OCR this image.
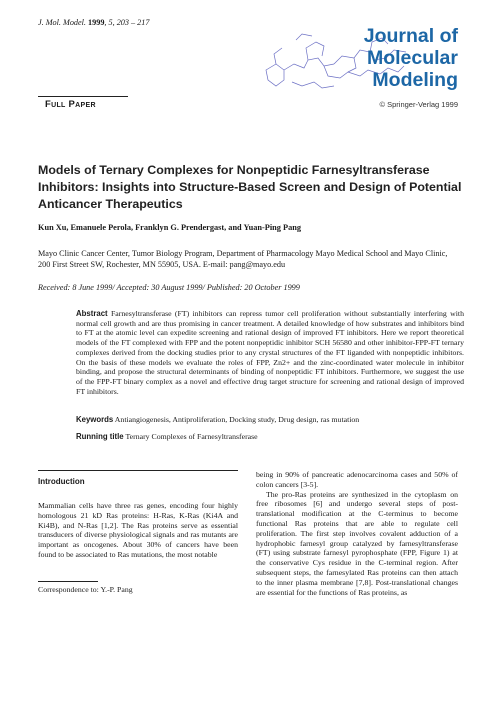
J. Mol. Model. 1999, 5, 203 – 217
Journal of
Molecular
Modeling
Full Paper	© Springer-Verlag 1999
Models of Ternary Complexes for Nonpeptidic Farnesyltransferase Inhibitors: Insights into Structure-Based Screen and Design of Potential Anticancer Therapeutics
Kun Xu, Emanuele Perola, Franklyn G. Prendergast, and Yuan-Ping Pang
Mayo Clinic Cancer Center, Tumor Biology Program, Department of Pharmacology Mayo Medical School and Mayo Clinic, 200 First Street SW, Rochester, MN 55905, USA. E-mail: pang@mayo.edu
Received: 8 June 1999/ Accepted: 30 August 1999/ Published: 20 October 1999
Abstract Farnesyltransferase (FT) inhibitors can repress tumor cell proliferation without substantially interfering with normal cell growth and are thus promising in cancer treatment. A detailed knowledge of how substrates and inhibitors bind to FT at the atomic level can expedite screening and rational design of improved FT inhibitors. Here we report theoretical models of the FT complexed with FPP and the potent nonpeptidic inhibitor SCH 56580 and other inhibitor-FPP-FT ternary complexes derived from the docking studies prior to any crystal structures of the FT liganded with nonpeptidic inhibitors. On the basis of these models we evaluate the roles of FPP, Zn2+ and the zinc-coordinated water molecule in inhibitor binding, and propose the structural determinants of binding of nonpeptidic FT inhibitors. Furthermore, we suggest the use of the FPP-FT binary complex as a novel and effective drug target structure for screening and rational design of improved FT inhibitors.
Keywords Antiangiogenesis, Antiproliferation, Docking study, Drug design, ras mutation
Running title Ternary Complexes of Farnesyltransferase
Introduction
Mammalian cells have three ras genes, encoding four highly homologous 21 kD Ras proteins: H-Ras, K-Ras (Ki4A and Ki4B), and N-Ras [1,2]. The Ras proteins serve as essential transducers of diverse physiological signals and ras mutants are important as oncogenes. About 30% of cancers have been found to be associated to Ras mutations, the most notable
Correspondence to: Y.-P. Pang

being in 90% of pancreatic adenocarcinoma cases and 50% of colon cancers [3-5].

The pro-Ras proteins are synthesized in the cytoplasm on free ribosomes [6] and undergo several steps of post-translational modification at the C-terminus to become functional Ras proteins that are able to regulate cell proliferation. The first step involves covalent adduction of a hydrophobic farnesyl group catalyzed by farnesyltransferase (FT) using substrate farnesyl pyrophosphate (FPP, Figure 1) at the conservative Cys residue in the C-terminal region. After subsequent steps, the farnesylated Ras proteins can then attach to the inner plasma membrane [7,8]. Post-translational changes are essential for the functions of Ras proteins, as
